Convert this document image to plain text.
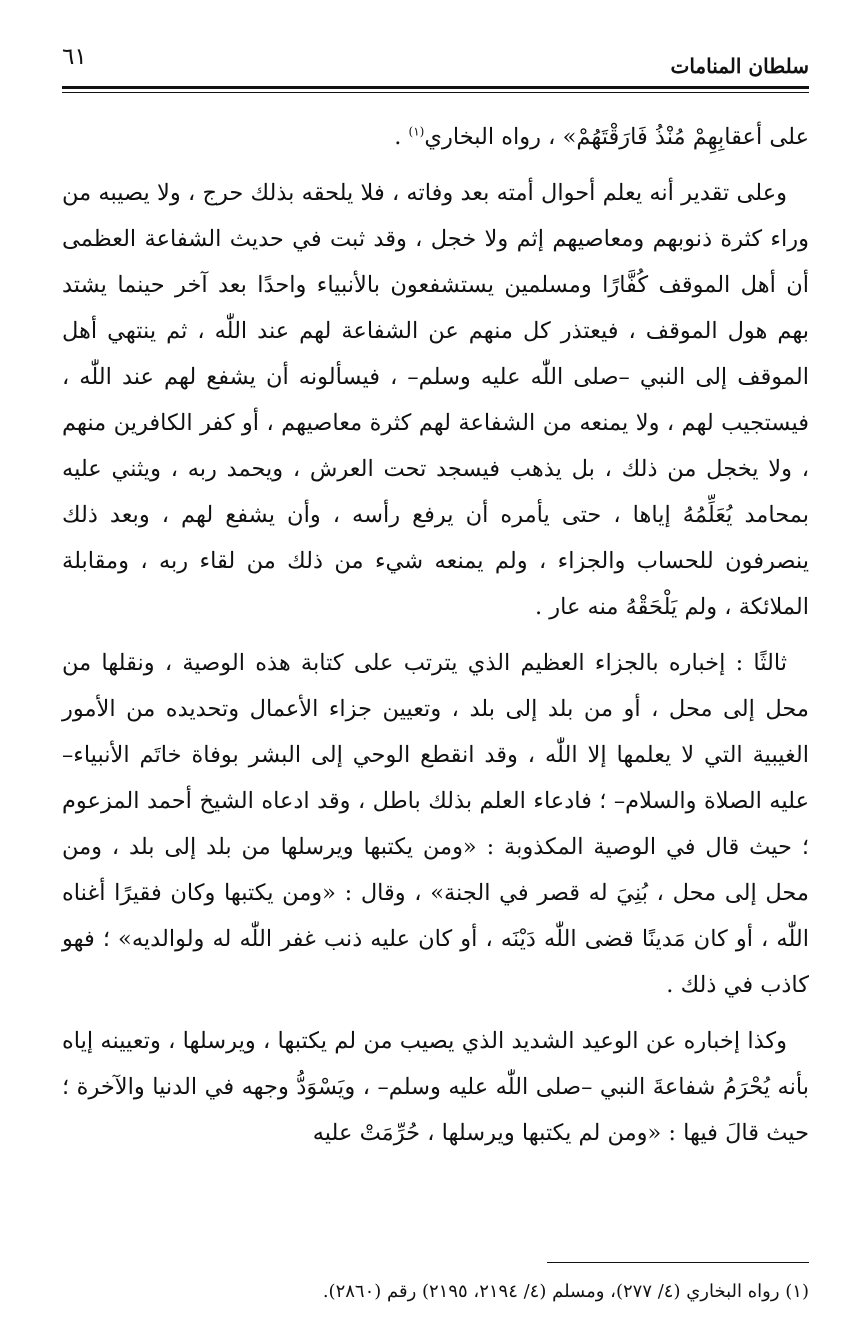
سلطان المنامات
٦١

على أعقابِهِمْ مُنْذُ فَارَقْتَهُمْ» ، رواه البخاري$^{(١)}$ .

وعلى تقدير أنه يعلم أحوال أمته بعد وفاته ، فلا يلحقه بذلك حرج ، ولا يصيبه من وراء كثرة ذنوبهم ومعاصيهم إثم ولا خجل ، وقد ثبت في حديث الشفاعة العظمى أن أهل الموقف كُفَّارًا ومسلمين يستشفعون بالأنبياء واحدًا بعد آخر حينما يشتد بهم هول الموقف ، فيعتذر كل منهم عن الشفاعة لهم عند اللّٰه ، ثم ينتهي أهل الموقف إلى النبي –صلى اللّٰه عليه وسلم– ، فيسألونه أن يشفع لهم عند اللّٰه ، فيستجيب لهم ، ولا يمنعه من الشفاعة لهم كثرة معاصيهم ، أو كفر الكافرين منهم ، ولا يخجل من ذلك ، بل يذهب فيسجد تحت العرش ، ويحمد ربه ، ويثني عليه بمحامد يُعَلِّمُهُ إياها ، حتى يأمره أن يرفع رأسه ، وأن يشفع لهم ، وبعد ذلك ينصرفون للحساب والجزاء ، ولم يمنعه شيء من ذلك من لقاء ربه ، ومقابلة الملائكة ، ولم يَلْحَقْهُ منه عار .

ثالثًا : إخباره بالجزاء العظيم الذي يترتب على كتابة هذه الوصية ، ونقلها من محل إلى محل ، أو من بلد إلى بلد ، وتعيين جزاء الأعمال وتحديده من الأمور الغيبية التي لا يعلمها إلا اللّٰه ، وقد انقطع الوحي إلى البشر بوفاة خاتَم الأنبياء– عليه الصلاة والسلام– ؛ فادعاء العلم بذلك باطل ، وقد ادعاه الشيخ أحمد المزعوم ؛ حيث قال في الوصية المكذوبة : «ومن يكتبها ويرسلها من بلد إلى بلد ، ومن محل إلى محل ، بُنِيَ له قصر في الجنة» ، وقال : «ومن يكتبها وكان فقيرًا أغناه اللّٰه ، أو كان مَدينًا قضى اللّٰه دَيْنَه ، أو كان عليه ذنب غفر اللّٰه له ولوالديه» ؛ فهو كاذب في ذلك .

وكذا إخباره عن الوعيد الشديد الذي يصيب من لم يكتبها ، ويرسلها ، وتعيينه إياه بأنه يُحْرَمُ شفاعةَ النبي –صلى اللّٰه عليه وسلم– ، ويَسْوَدُّ وجهه في الدنيا والآخرة ؛ حيث قالَ فيها : «ومن لم يكتبها ويرسلها ، حُرِّمَتْ عليه

(١) رواه البخاري (٤/ ٢٧٧)، ومسلم (٤/ ٢١٩٤، ٢١٩٥) رقم (٢٨٦٠).
